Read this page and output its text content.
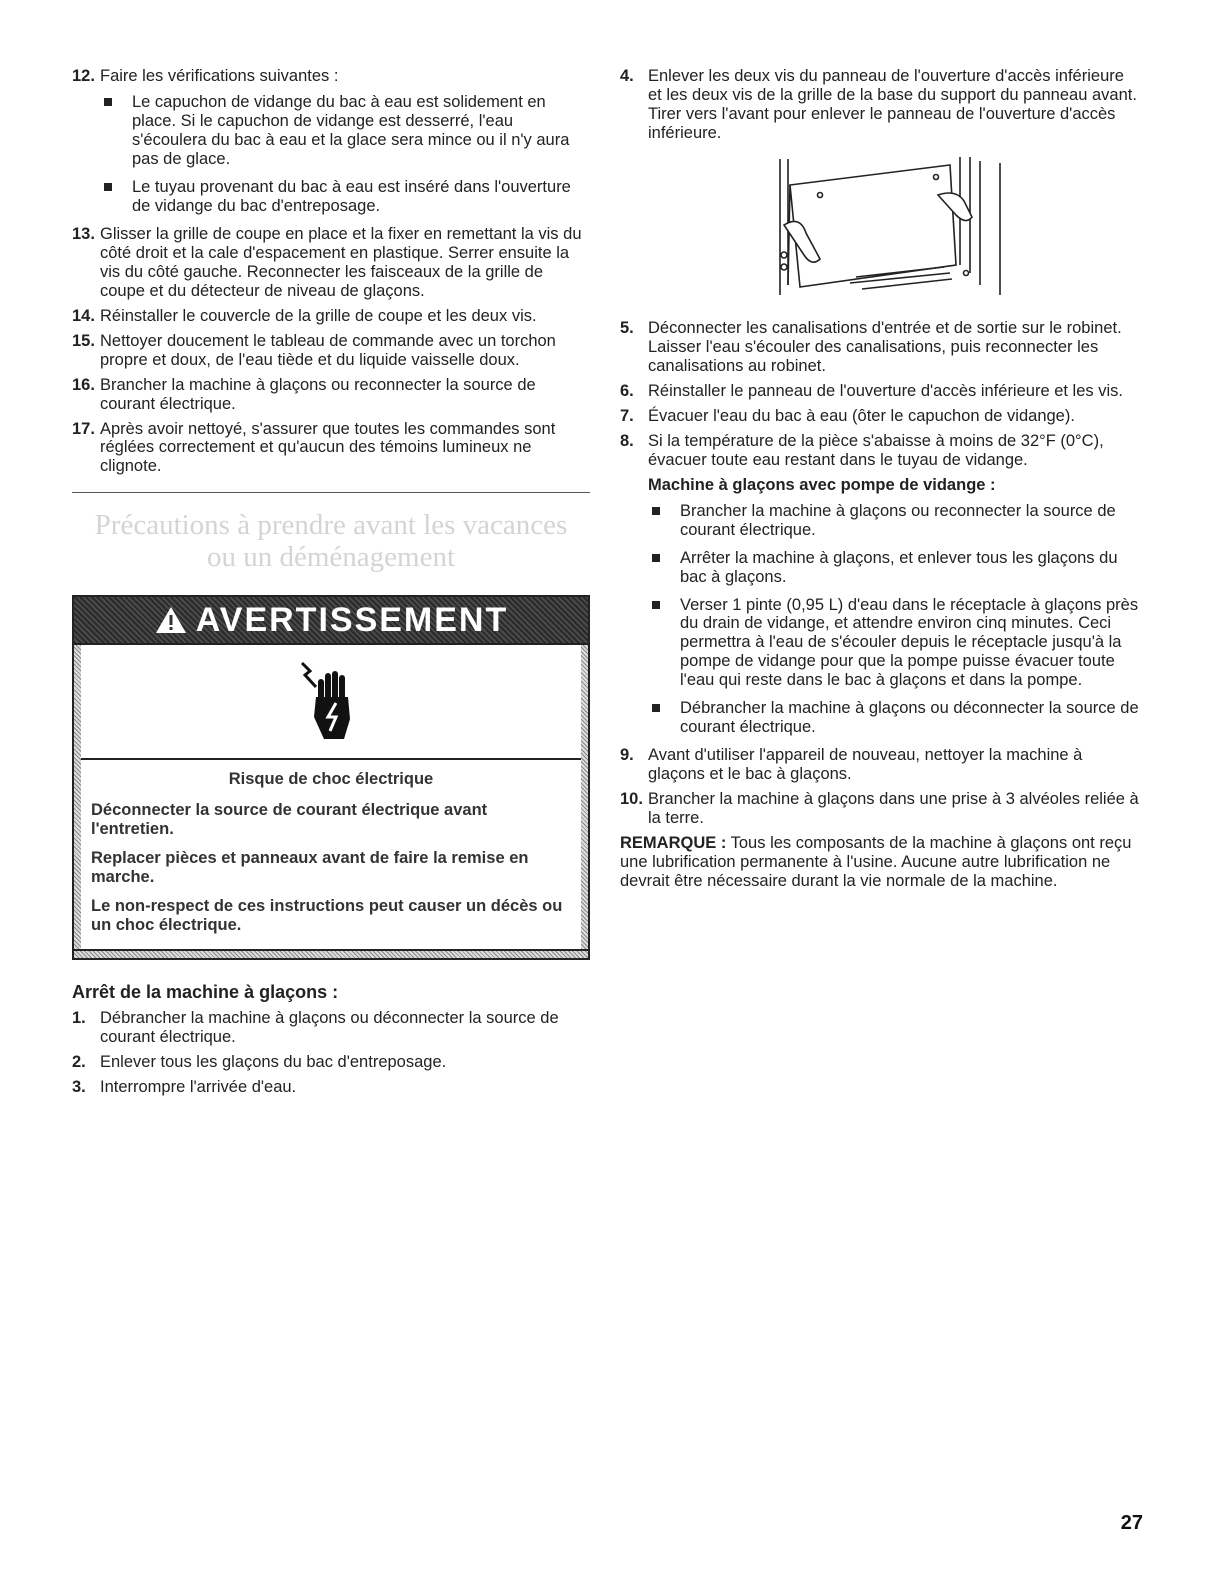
12. Faire les vérifications suivantes :
Le capuchon de vidange du bac à eau est solidement en place. Si le capuchon de vidange est desserré, l'eau s'écoulera du bac à eau et la glace sera mince ou il n'y aura pas de glace.
Le tuyau provenant du bac à eau est inséré dans l'ouverture de vidange du bac d'entreposage.
13. Glisser la grille de coupe en place et la fixer en remettant la vis du côté droit et la cale d'espacement en plastique. Serrer ensuite la vis du côté gauche. Reconnecter les faisceaux de la grille de coupe et du détecteur de niveau de glaçons.
14. Réinstaller le couvercle de la grille de coupe et les deux vis.
15. Nettoyer doucement le tableau de commande avec un torchon propre et doux, de l'eau tiède et du liquide vaisselle doux.
16. Brancher la machine à glaçons ou reconnecter la source de courant électrique.
17. Après avoir nettoyé, s'assurer que toutes les commandes sont réglées correctement et qu'aucun des témoins lumineux ne clignote.
Précautions à prendre avant les vacances
ou un déménagement
AVERTISSEMENT
Risque de choc électrique

Déconnecter la source de courant électrique avant l'entretien.

Replacer pièces et panneaux avant de faire la remise en marche.

Le non-respect de ces instructions peut causer un décès ou un choc électrique.

Arrêt de la machine à glaçons :
1. Débrancher la machine à glaçons ou déconnecter la source de courant électrique.
2. Enlever tous les glaçons du bac d'entreposage.
3. Interrompre l'arrivée d'eau.
4. Enlever les deux vis du panneau de l'ouverture d'accès inférieure et les deux vis de la grille de la base du support du panneau avant. Tirer vers l'avant pour enlever le panneau de l'ouverture d'accès inférieure.
5. Déconnecter les canalisations d'entrée et de sortie sur le robinet. Laisser l'eau s'écouler des canalisations, puis reconnecter les canalisations au robinet.
6. Réinstaller le panneau de l'ouverture d'accès inférieure et les vis.
7. Évacuer l'eau du bac à eau (ôter le capuchon de vidange).
8. Si la température de la pièce s'abaisse à moins de 32°F (0°C), évacuer toute eau restant dans le tuyau de vidange.
Machine à glaçons avec pompe de vidange :
Brancher la machine à glaçons ou reconnecter la source de courant électrique.
Arrêter la machine à glaçons, et enlever tous les glaçons du bac à glaçons.
Verser 1 pinte (0,95 L) d'eau dans le réceptacle à glaçons près du drain de vidange, et attendre environ cinq minutes. Ceci permettra à l'eau de s'écouler depuis le réceptacle jusqu'à la pompe de vidange pour que la pompe puisse évacuer toute l'eau qui reste dans le bac à glaçons et dans la pompe.
Débrancher la machine à glaçons ou déconnecter la source de courant électrique.
9. Avant d'utiliser l'appareil de nouveau, nettoyer la machine à glaçons et le bac à glaçons.
10. Brancher la machine à glaçons dans une prise à 3 alvéoles reliée à la terre.
REMARQUE : Tous les composants de la machine à glaçons ont reçu une lubrification permanente à l'usine. Aucune autre lubrification ne devrait être nécessaire durant la vie normale de la machine.
27
